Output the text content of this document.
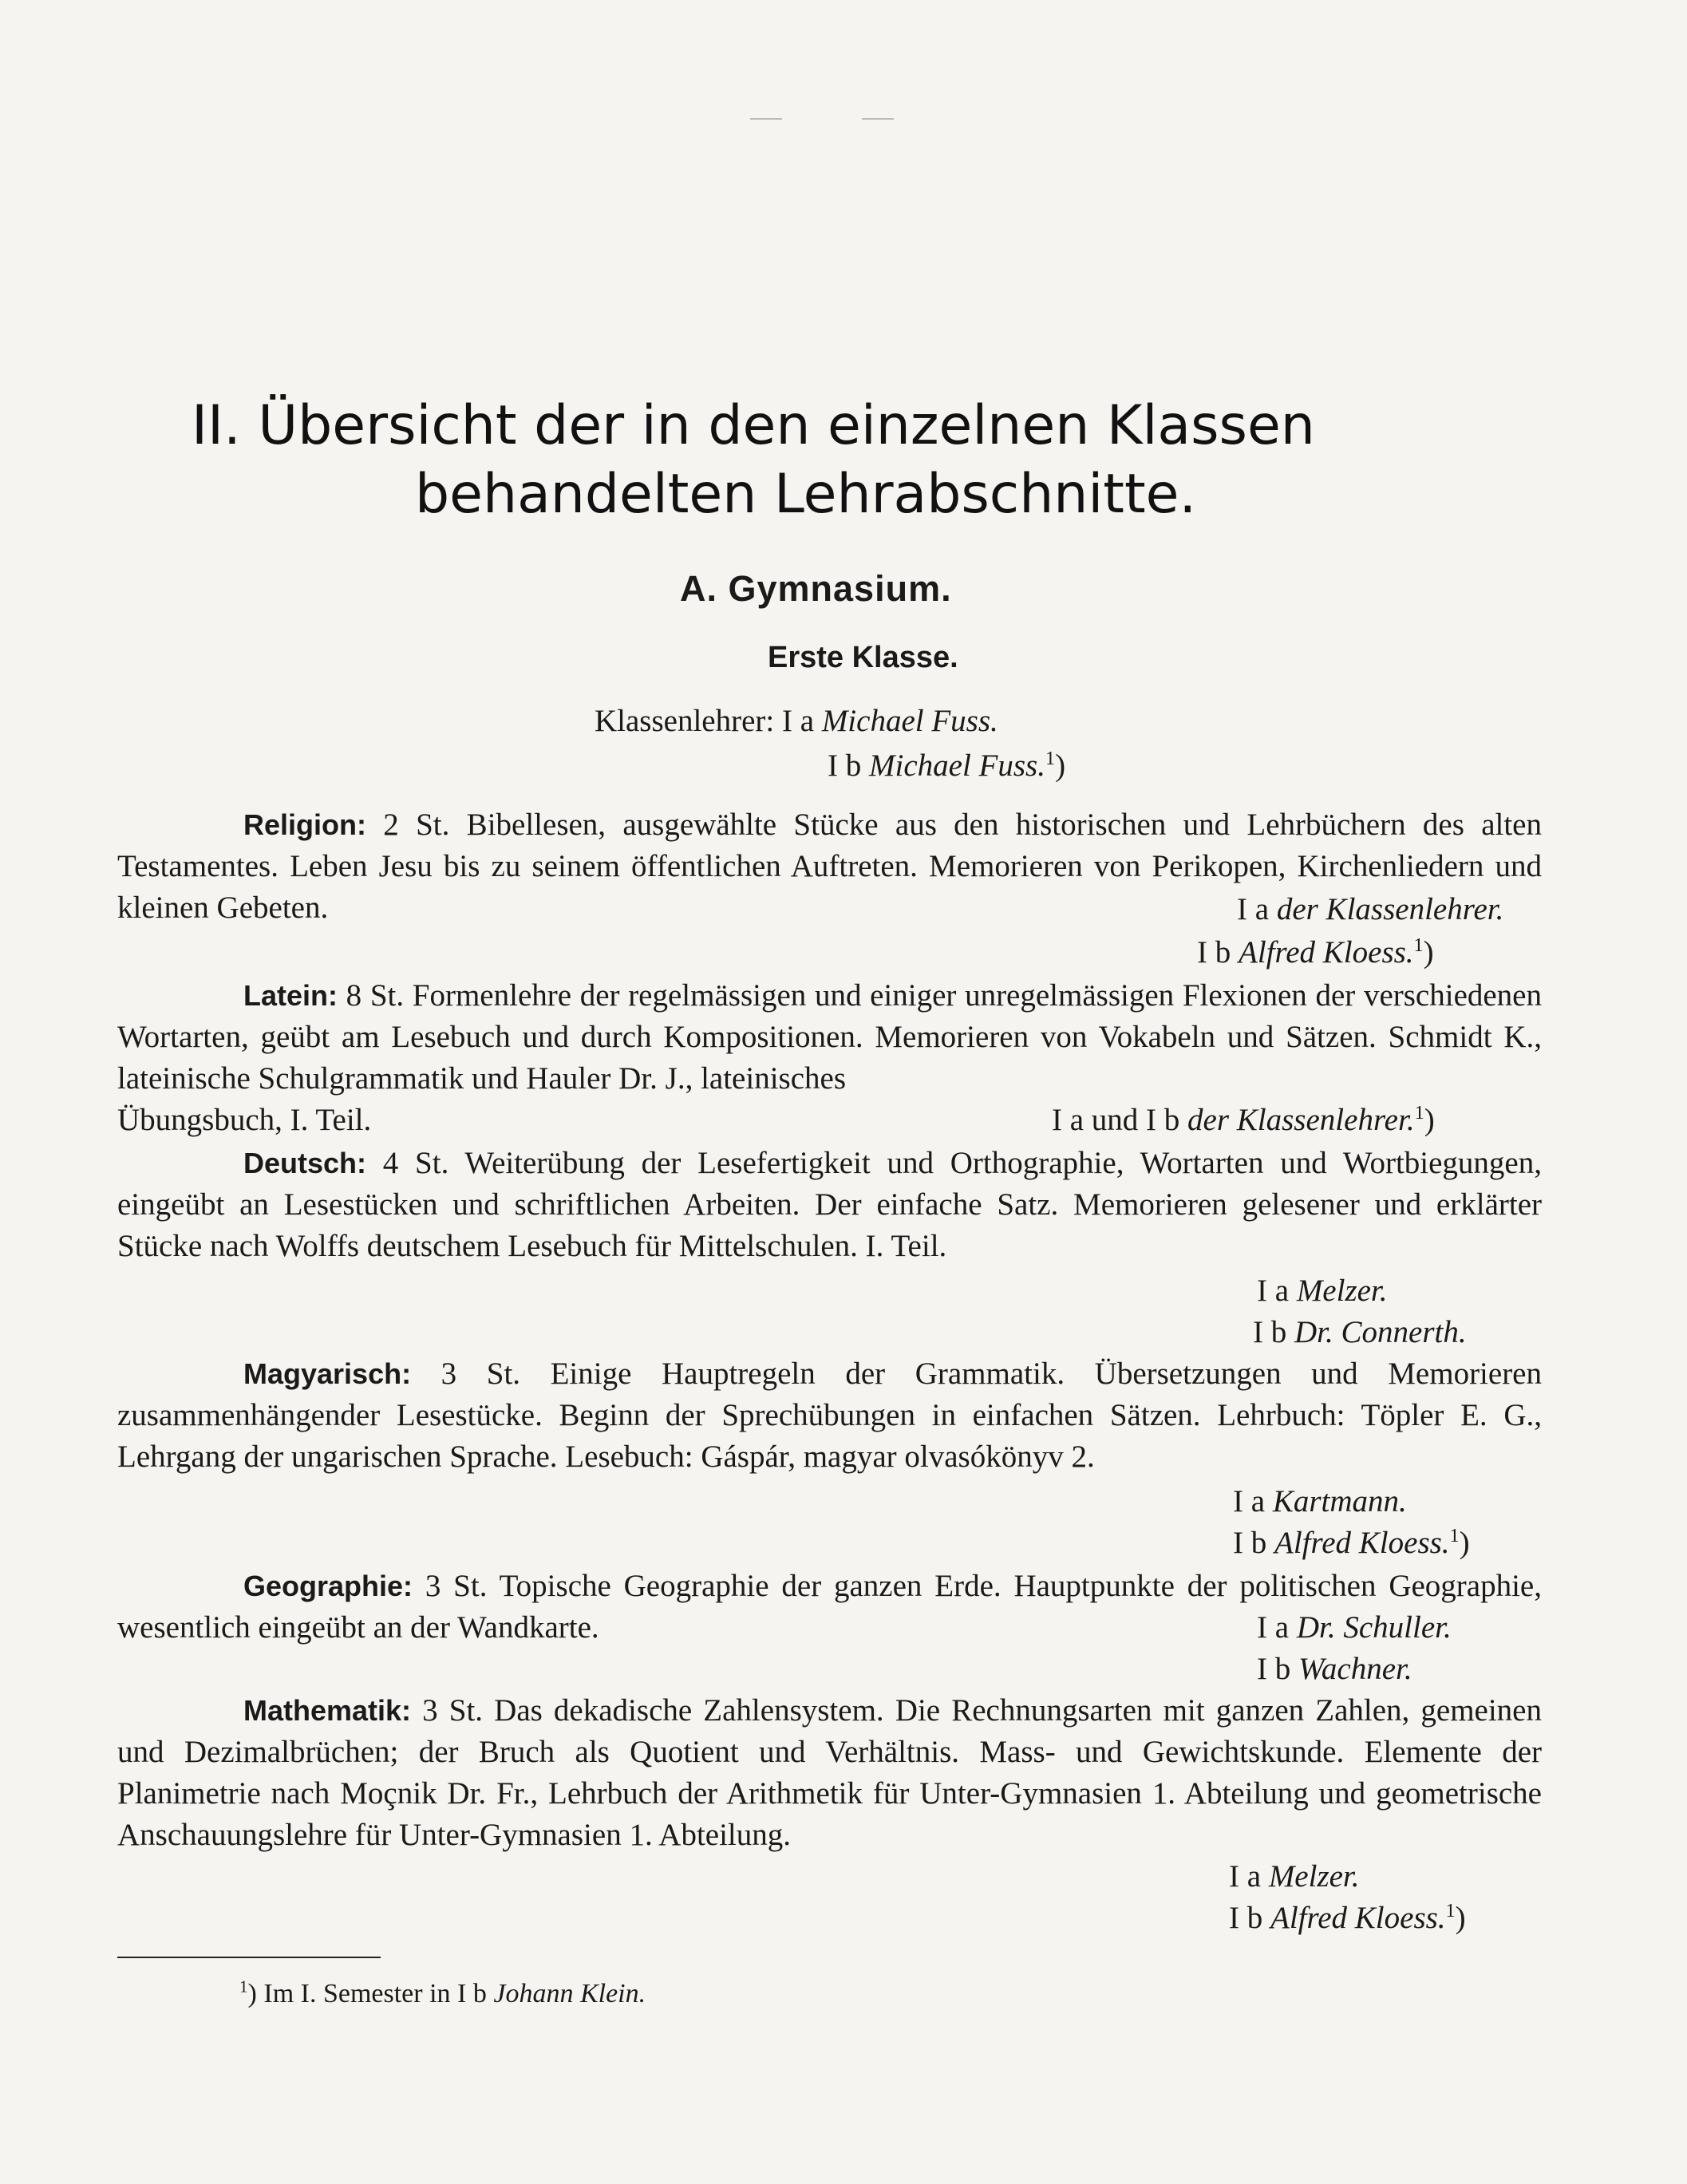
II. Übersicht der in den einzelnen Klassen
behandelten Lehrabschnitte.
A. Gymnasium.
Erste Klasse.
Klassenlehrer: I a Michael Fuss.
I b Michael Fuss.$^1$)
Religion: 2 St. Bibellesen, ausgewählte Stücke aus den historischen und Lehrbüchern des alten Testamentes. Leben Jesu bis zu seinem öffentlichen Auftreten. Memorieren von Perikopen, Kirchenliedern und kleinen Gebeten.	I a der Klassenlehrer.
I b Alfred Kloess.$^1$)
Latein: 8 St. Formenlehre der regelmässigen und einiger unregelmässigen Flexionen der verschiedenen Wortarten, geübt am Lesebuch und durch Kompositionen. Memorieren von Vokabeln und Sätzen. Schmidt K., lateinische Schulgrammatik und Hauler Dr. J., lateinisches
Übungsbuch, I. Teil.	I a und I b der Klassenlehrer.$^1$)
Deutsch: 4 St. Weiterübung der Lesefertigkeit und Orthographie, Wortarten und Wortbiegungen, eingeübt an Lesestücken und schriftlichen Arbeiten. Der einfache Satz. Memorieren gelesener und erklärter Stücke nach Wolffs deutschem Lesebuch für Mittelschulen. I. Teil.
I a Melzer.
I b Dr. Connerth.
Magyarisch: 3 St. Einige Hauptregeln der Grammatik. Übersetzungen und Memorieren zusammenhängender Lesestücke. Beginn der Sprechübungen in einfachen Sätzen. Lehrbuch: Töpler E. G., Lehrgang der ungarischen Sprache. Lesebuch: Gáspár, magyar olvasókönyv 2.
I a Kartmann.
I b Alfred Kloess.$^1$)
Geographie: 3 St. Topische Geographie der ganzen Erde. Hauptpunkte der politischen Geographie, wesentlich eingeübt an der Wandkarte.	I a Dr. Schuller.
I b Wachner.
Mathematik: 3 St. Das dekadische Zahlensystem. Die Rechnungsarten mit ganzen Zahlen, gemeinen und Dezimalbrüchen; der Bruch als Quotient und Verhältnis. Mass- und Gewichtskunde. Elemente der Planimetrie nach Moçnik Dr. Fr., Lehrbuch der Arithmetik für Unter-Gymnasien 1. Abteilung und geometrische Anschauungslehre für Unter-Gymnasien 1. Abteilung.
I a Melzer.
I b Alfred Kloess.$^1$)
$^1$) Im I. Semester in I b Johann Klein.
